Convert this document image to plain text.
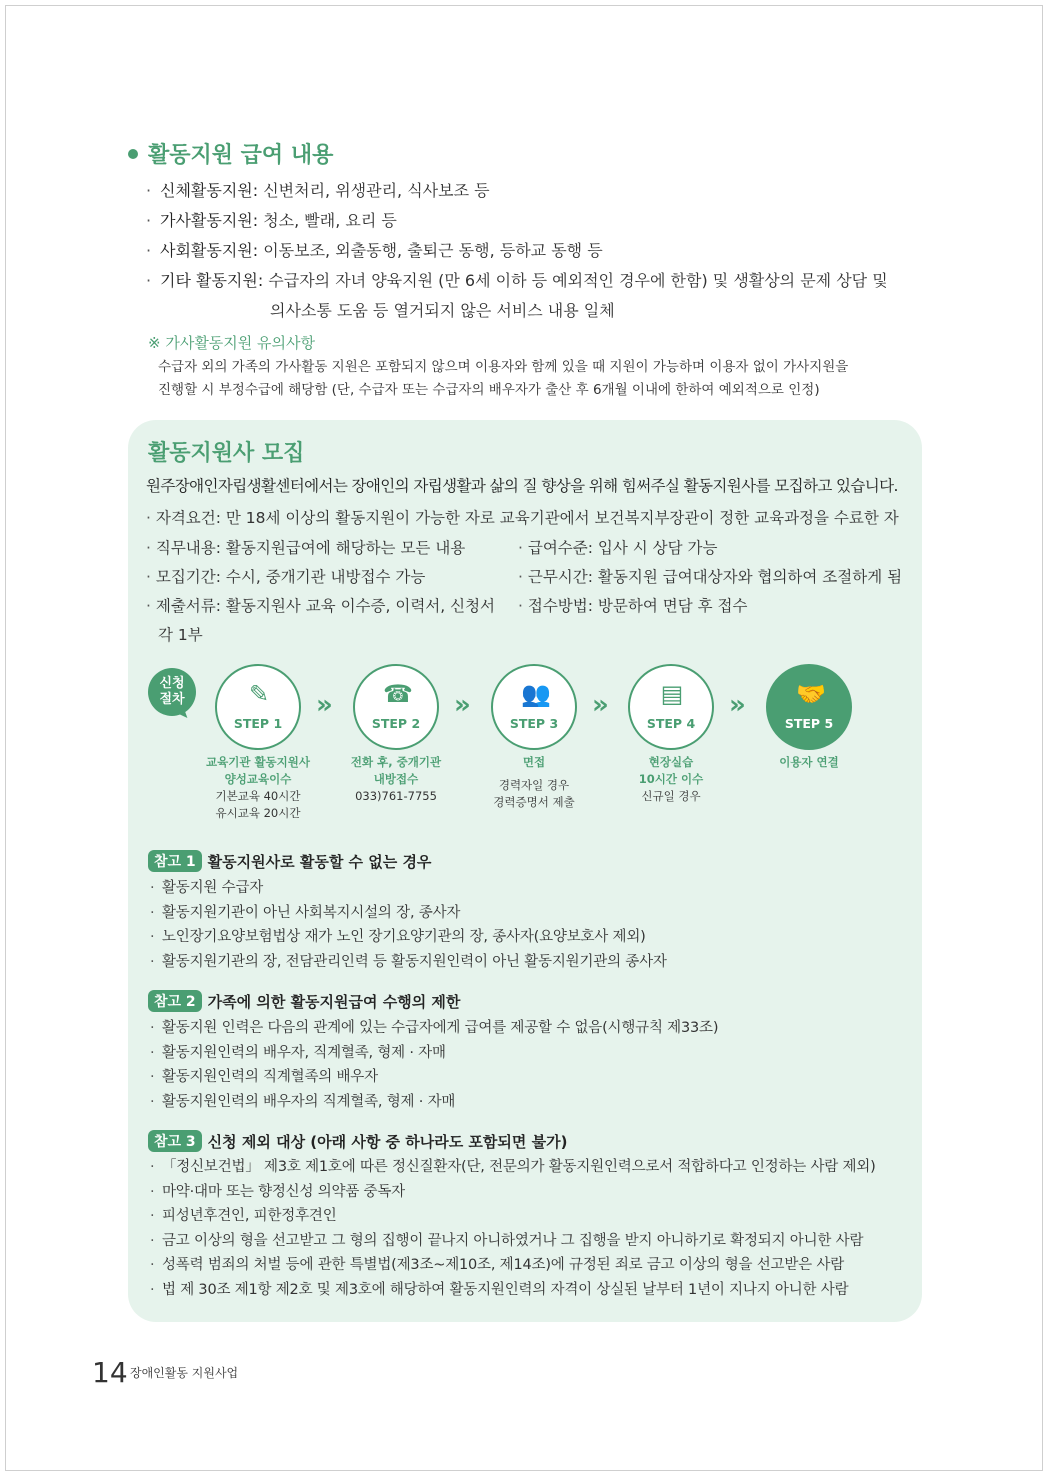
활동지원 급여 내용
· 신체활동지원: 신변처리, 위생관리, 식사보조 등
· 가사활동지원: 청소, 빨래, 요리 등
· 사회활동지원: 이동보조, 외출동행, 출퇴근 동행, 등하교 동행 등
· 기타 활동지원: 수급자의 자녀 양육지원 (만 6세 이하 등 예외적인 경우에 한함) 및 생활상의 문제 상담 및
의사소통 도움 등 열거되지 않은 서비스 내용 일체
※ 가사활동지원 유의사항
수급자 외의 가족의 가사활동 지원은 포함되지 않으며 이용자와 함께 있을 때 지원이 가능하며 이용자 없이 가사지원을
진행할 시 부정수급에 해당함 (단, 수급자 또는 수급자의 배우자가 출산 후 6개월 이내에 한하여 예외적으로 인정)
활동지원사 모집
원주장애인자립생활센터에서는 장애인의 자립생활과 삶의 질 향상을 위해 힘써주실 활동지원사를 모집하고 있습니다.
· 자격요건: 만 18세 이상의 활동지원이 가능한 자로 교육기관에서 보건복지부장관이 정한 교육과정을 수료한 자
· 직무내용: 활동지원급여에 해당하는 모든 내용	· 급여수준: 입사 시 상담 가능
· 모집기간: 수시, 중개기관 내방접수 가능	· 근무시간: 활동지원 급여대상자와 협의하여 조절하게 됨
· 제출서류: 활동지원사 교육 이수증, 이력서, 신청서	· 접수방법: 방문하여 면담 후 접수
각 1부
신청
절차	✎
STEP 1
» ☎
STEP 2
» 👥
STEP 3
» ▤
STEP 4
» 🤝
STEP 5
교육기관 활동지원사
양성교육이수
기본교육 40시간
유시교육 20시간
전화 후, 중개기관
내방접수
033)761-7755
면접
경력자일 경우
경력증명서 제출
현장실습
10시간 이수
신규일 경우
이용자 연결
참고 1 활동지원사로 활동할 수 없는 경우
· 활동지원 수급자
· 활동지원기관이 아닌 사회복지시설의 장, 종사자
· 노인장기요양보험법상 재가 노인 장기요양기관의 장, 종사자(요양보호사 제외)
· 활동지원기관의 장, 전담관리인력 등 활동지원인력이 아닌 활동지원기관의 종사자
참고 2 가족에 의한 활동지원급여 수행의 제한
· 활동지원 인력은 다음의 관계에 있는 수급자에게 급여를 제공할 수 없음(시행규칙 제33조)
· 활동지원인력의 배우자, 직계혈족, 형제 · 자매
· 활동지원인력의 직계혈족의 배우자
· 활동지원인력의 배우자의 직계혈족, 형제 · 자매
참고 3 신청 제외 대상 (아래 사항 중 하나라도 포함되면 불가)
· 「정신보건법」 제3호 제1호에 따른 정신질환자(단, 전문의가 활동지원인력으로서 적합하다고 인정하는 사람 제외)
· 마약·대마 또는 향정신성 의약품 중독자
· 피성년후견인, 피한정후견인
· 금고 이상의 형을 선고받고 그 형의 집행이 끝나지 아니하였거나 그 집행을 받지 아니하기로 확정되지 아니한 사람
· 성폭력 범죄의 처벌 등에 관한 특별법(제3조~제10조, 제14조)에 규정된 죄로 금고 이상의 형을 선고받은 사람
· 법 제 30조 제1항 제2호 및 제3호에 해당하여 활동지원인력의 자격이 상실된 날부터 1년이 지나지 아니한 사람
14 장애인활동 지원사업
